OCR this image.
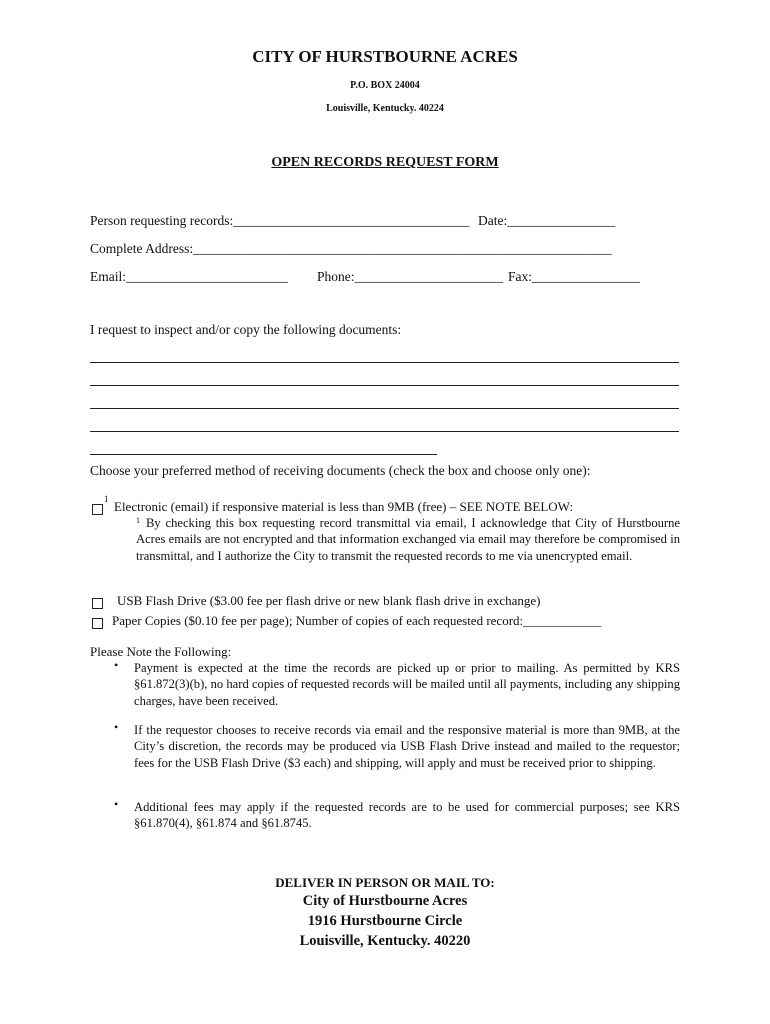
CITY OF HURSTBOURNE ACRES
P.O. BOX 24004
Louisville, Kentucky. 40224
OPEN RECORDS REQUEST FORM
Person requesting records:___________________________________ Date:________________
Complete Address:______________________________________________________________
Email:________________________ Phone:______________________ Fax:________________
I request to inspect and/or copy the following documents:
Choose your preferred method of receiving documents (check the box and choose only one):
1 Electronic (email) if responsive material is less than 9MB (free) – SEE NOTE BELOW:
1 By checking this box requesting record transmittal via email, I acknowledge that City of Hurstbourne Acres emails are not encrypted and that information exchanged via email may therefore be compromised in transmittal, and I authorize the City to transmit the requested records to me via unencrypted email.
USB Flash Drive ($3.00 fee per flash drive or new blank flash drive in exchange)
Paper Copies ($0.10 fee per page); Number of copies of each requested record:____________
Please Note the Following:
• Payment is expected at the time the records are picked up or prior to mailing. As permitted by KRS §61.872(3)(b), no hard copies of requested records will be mailed until all payments, including any shipping charges, have been received.
• If the requestor chooses to receive records via email and the responsive material is more than 9MB, at the City’s discretion, the records may be produced via USB Flash Drive instead and mailed to the requestor; fees for the USB Flash Drive ($3 each) and shipping, will apply and must be received prior to shipping.
• Additional fees may apply if the requested records are to be used for commercial purposes; see KRS §61.870(4), §61.874 and §61.8745.
DELIVER IN PERSON OR MAIL TO:
City of Hurstbourne Acres
1916 Hurstbourne Circle
Louisville, Kentucky. 40220
